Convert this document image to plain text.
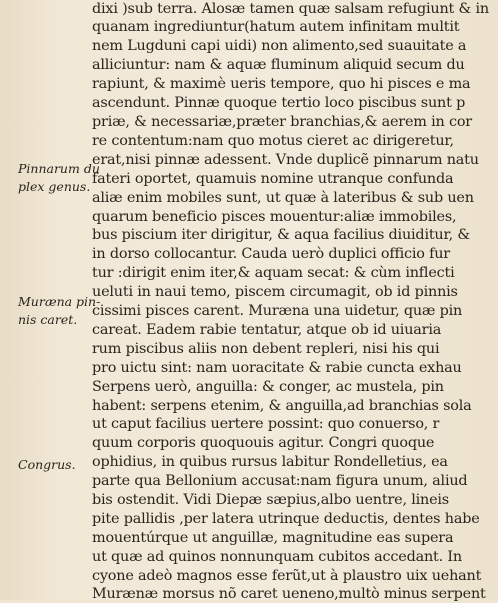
Pinnarum du
plex genus.
Muræna pin-
nis caret.
Congrus.
dixi )sub terra. Alosæ tamen quæ salsam refugiunt & in
quanam ingrediuntur(hatum autem infinitam multit
nem Lugduni capi uidi) non alimento,sed suauitate a
alliciuntur: nam & aquæ fluminum aliquid secum du
rapiunt, & maximè ueris tempore, quo hi pisces e ma
ascendunt. Pinnæ quoque tertio loco piscibus sunt p
priæ, & necessariæ,præter branchias,& aerem in cor
re contentum:nam quo motus cieret ac dirigeretur,
erat,nisi pinnæ adessent. Vnde duplicẽ pinnarum natu
fateri oportet, quamuis nomine utranque confunda
aliæ enim mobiles sunt, ut quæ à lateribus & sub uen
quarum beneficio pisces mouentur:aliæ immobiles,
bus piscium iter dirigitur, & aqua facilius diuiditur, &
in dorso collocantur. Cauda uerò duplici officio fur
tur :dirigit enim iter,& aquam secat: & cùm inflecti
ueluti in naui temo, piscem circumagit, ob id pinnis
cissimi pisces carent. Muræna una uidetur, quæ pin
careat. Eadem rabie tentatur, atque ob id uiuaria
rum piscibus aliis non debent repleri, nisi his qui
pro uictu sint: nam uoracitate & rabie cuncta exhau
Serpens uerò, anguilla: & conger, ac mustela, pin
habent: serpens etenim, & anguilla,ad branchias sola
ut caput facilius uertere possint: quo conuerso, r
quum corporis quoquouis agitur. Congri quoque
ophidius, in quibus rursus labitur Rondelletius, ea
parte qua Bellonium accusat:nam figura unum, aliud
bis ostendit. Vidi Diepæ sæpius,albo uentre, lineis
pite pallidis ,per latera utrinque deductis, dentes habe
mouentúrque ut anguillæ, magnitudine eas supera
ut quæ ad quinos nonnunquam cubitos accedant. In
cyone adeò magnos esse ferũt,ut à plaustro uix uehant
Murænæ morsus nõ caret ueneno,multò minus serpent
